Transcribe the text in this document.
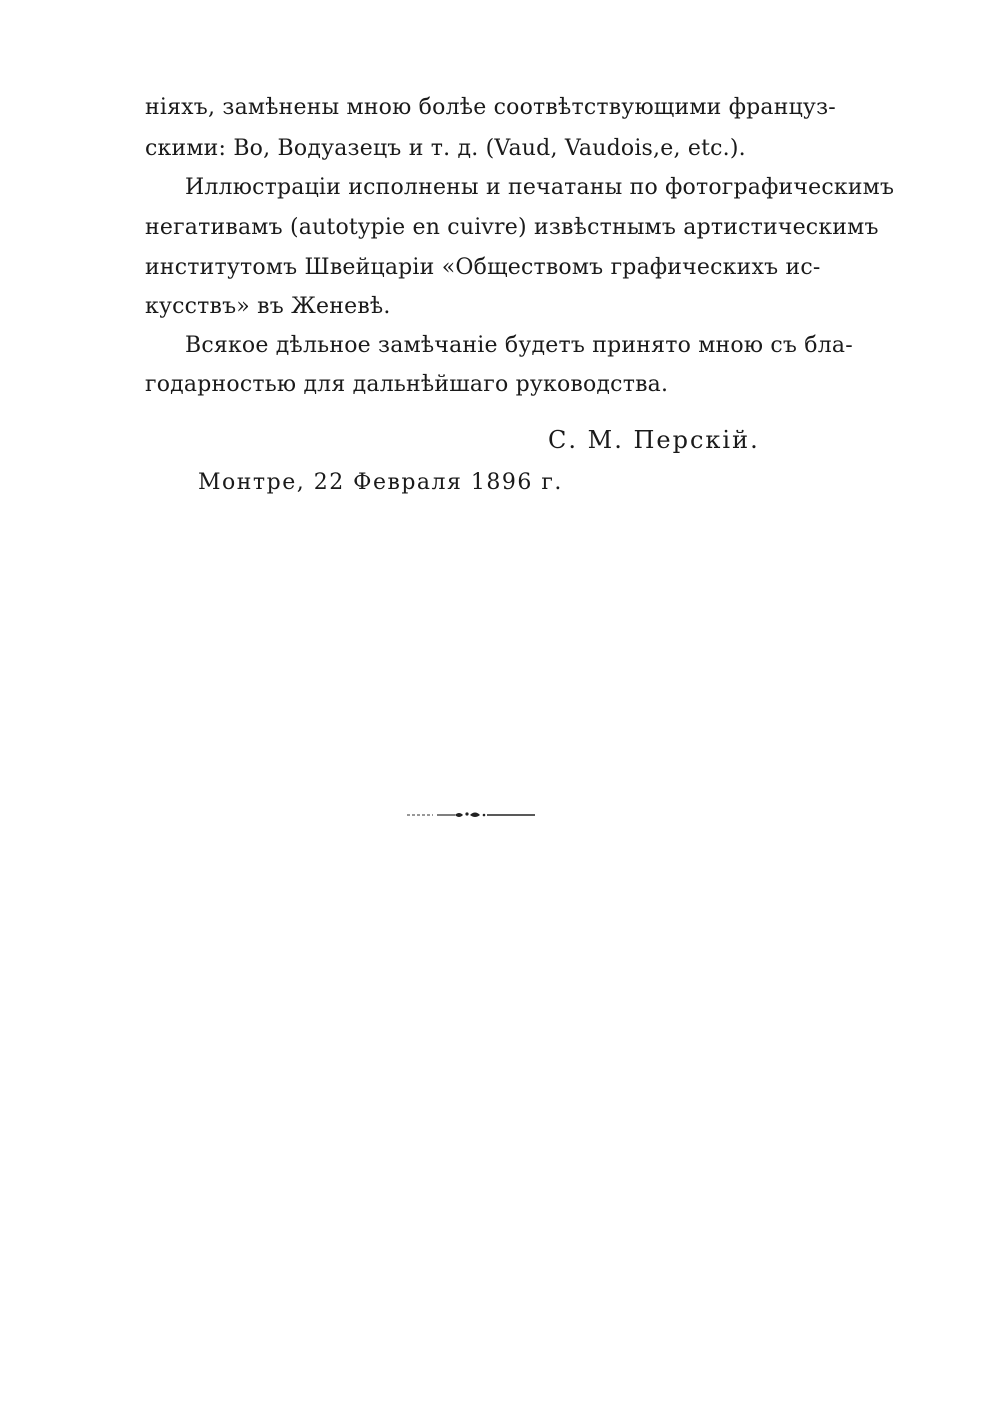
ніяхъ, замѣнены мною болѣе соотвѣтствующими француз-
скими: Во, Водуазецъ и т. д. (Vaud, Vaudois,e, etc.).
Иллюстраціи исполнены и печатаны по фотографическимъ
негативамъ (autotypie en cuivre) извѣстнымъ артистическимъ
институтомъ Швейцаріи «Обществомъ графическихъ ис-
кусствъ» въ Женевѣ.
Всякое дѣльное замѣчаніе будетъ принято мною съ бла-
годарностью для дальнѣйшаго руководства.
С. М. Перскій.
Монтре, 22 Февраля 1896 г.
